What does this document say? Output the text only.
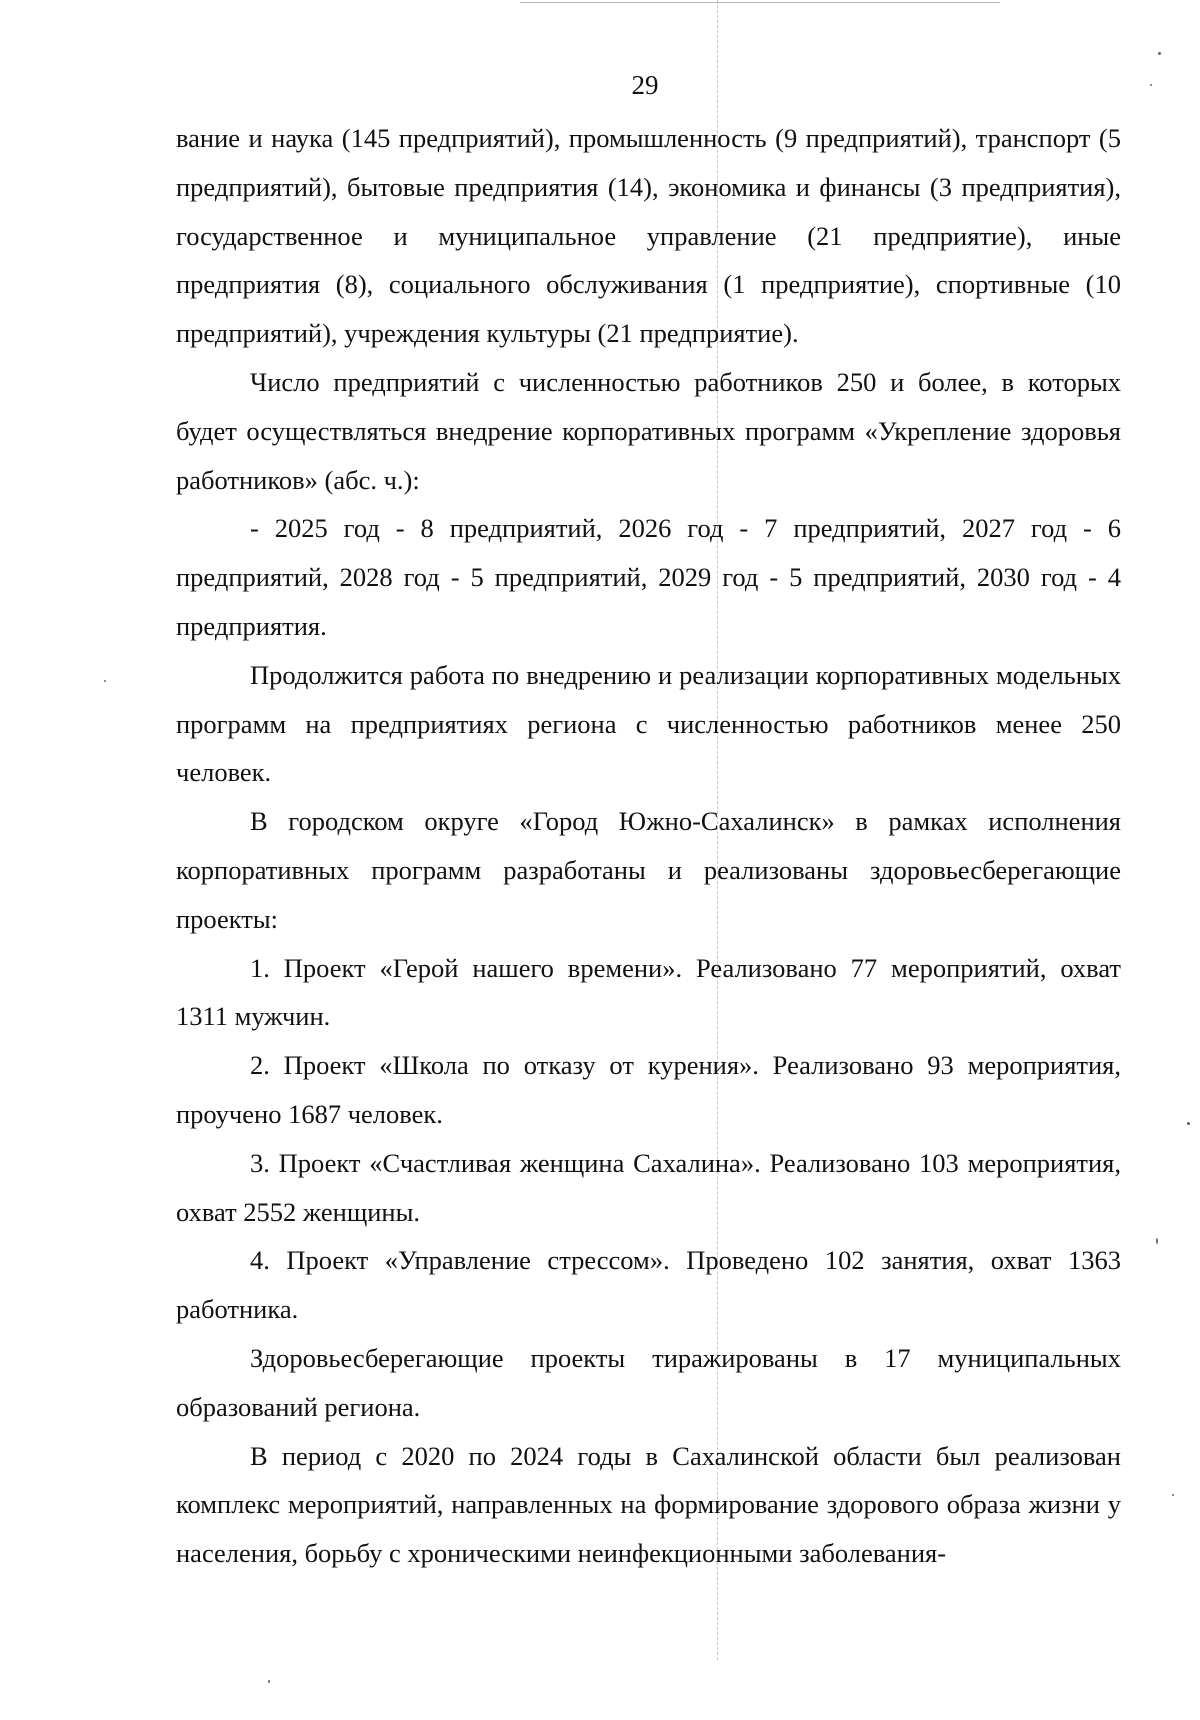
29

вание и наука (145 предприятий), промышленность (9 предприятий), транспорт (5 предприятий), бытовые предприятия (14), экономика и финансы (3 предприятия), государственное и муниципальное управление (21 предприятие), иные предприятия (8), социального обслуживания (1 предприятие), спортивные (10 предприятий), учреждения культуры (21 предприятие).

Число предприятий с численностью работников 250 и более, в которых будет осуществляться внедрение корпоративных программ «Укрепление здоровья работников» (абс. ч.):

- 2025 год - 8 предприятий, 2026 год - 7 предприятий, 2027 год - 6 предприятий, 2028 год - 5 предприятий, 2029 год - 5 предприятий, 2030 год - 4 предприятия.

Продолжится работа по внедрению и реализации корпоративных модельных программ на предприятиях региона с численностью работников менее 250 человек.

В городском округе «Город Южно-Сахалинск» в рамках исполнения корпоративных программ разработаны и реализованы здоровьесберегающие проекты:

1. Проект «Герой нашего времени». Реализовано 77 мероприятий, охват 1311 мужчин.

2. Проект «Школа по отказу от курения». Реализовано 93 мероприятия, проучено 1687 человек.

3. Проект «Счастливая женщина Сахалина». Реализовано 103 мероприятия, охват 2552 женщины.

4. Проект «Управление стрессом». Проведено 102 занятия, охват 1363 работника.

Здоровьесберегающие проекты тиражированы в 17 муниципальных образований региона.

В период с 2020 по 2024 годы в Сахалинской области был реализован комплекс мероприятий, направленных на формирование здорового образа жизни у населения, борьбу с хроническими неинфекционными заболевания-
